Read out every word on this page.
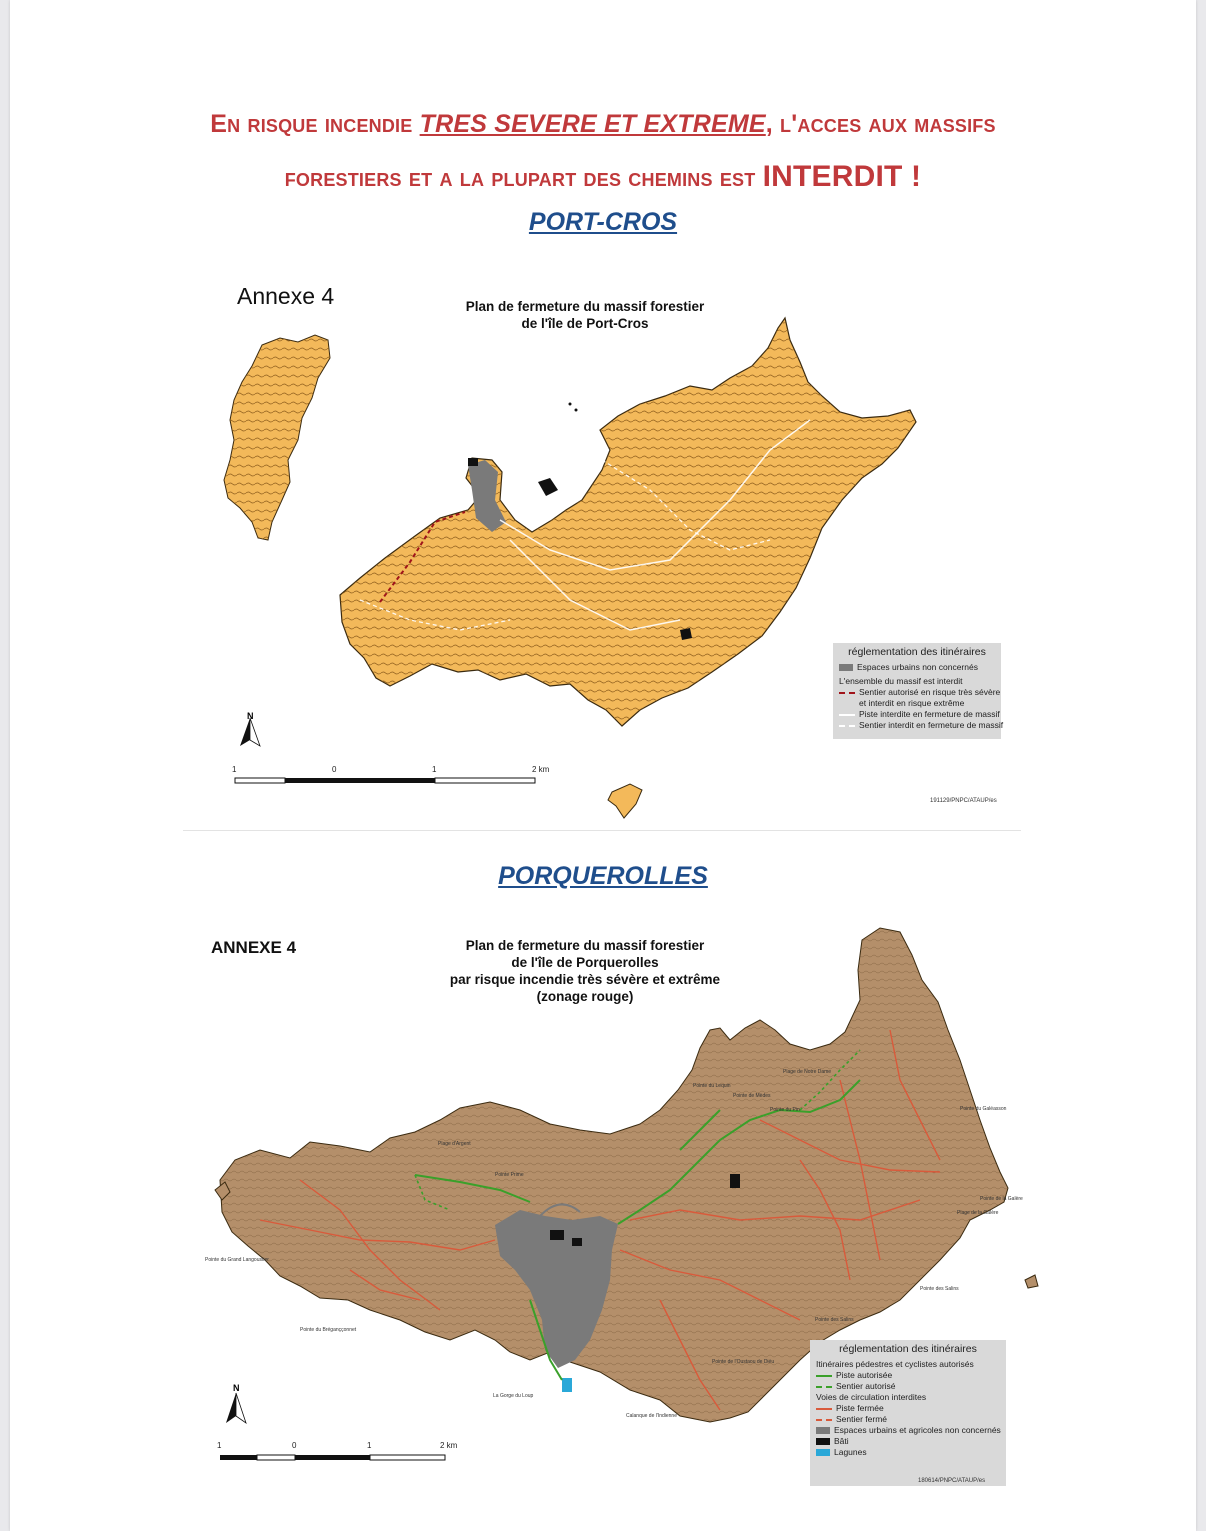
En risque incendie TRES SEVERE ET EXTREME, l'acces aux massifs
forestiers et a la plupart des chemins est INTERDIT !
PORT-CROS
Annexe 4	Plan de fermeture du massif forestier
de l'île de Port-Cros
N
1	0	1	2 km
191129/PNPC/ATAUP/es
réglementation des itinéraires
Espaces urbains non concernés
L'ensemble du massif est interdit
Sentier autorisé en risque très sévère
et interdit en risque extrême
Piste interdite en fermeture de massif
Sentier interdit en fermeture de massif
PORQUEROLLES
ANNEXE 4	Plan de fermeture du massif forestier
de l'île de Porquerolles
par risque incendie très sévère et extrême
(zonage rouge)
Plage de Notre Dame
Pointe du Lequin
Pointe de Mèdes
Pointe du Pin	Pointe du Galéasson
Plage d'Argent
Pointe Prime
Pointe de la Galère
Plage de la Galère
Pointe du Grand Langoustier
Pointe des Salins
Pointe des Salins
Pointe du Bréganççonnet
Pointe de l'Oustaou de Diéu
La Gorge du Loup
Calanque de l'Indienne
N
1	0	1	2 km
réglementation des itinéraires
Itinéraires pédestres et cyclistes autorisés
Piste autorisée
Sentier autorisé
Voies de circulation interdites
Piste fermée
Sentier fermé
Espaces urbains et agricoles non concernés
Bâti
Lagunes
180614/PNPC/ATAUP/es
